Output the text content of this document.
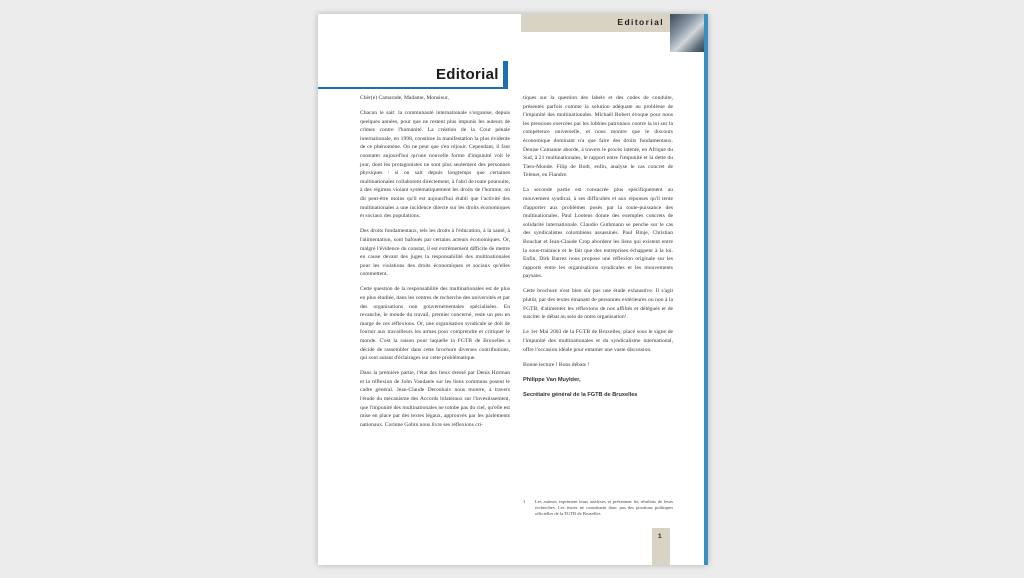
Editorial
Editorial

Chèr(e) Camarade, Madame, Monsieur,

Chacun le sait: la communauté internationale s'organise, depuis quelques années, pour que ne restent plus impunis les auteurs de crimes contre l'humanité. La création de la Cour pénale internationale, en 1998, constitue la manifestation la plus évidente de ce phénomène. On ne peut que s'en réjouir. Cependant, il faut constater aujourd'hui qu'une nouvelle forme d'impunité voit le jour, dont les protagonistes ne sont plus seulement des personnes physiques : si on sait depuis longtemps que certaines multinationales collaborent directement, à l'abri de toute poursuite, à des régimes violant systématiquement les droits de l'homme, on dit peut-être moins qu'il est aujourd'hui établi que l'activité des multinationales a une incidence directe sur les droits économiques et sociaux des populations.

Des droits fondamentaux, tels les droits à l'éducation, à la santé, à l'alimentation, sont bafoués par certains acteurs économiques. Or, malgré l'évidence du constat, il est extrêmement difficile de mettre en cause devant des juges la responsabilité des multinationales pour les violations des droits économiques et sociaux qu'elles commettent.

Cette question de la responsabilité des multinationales est de plus en plus étudiée, dans les centres de recherche des universités et par des organisations non gouvernementales spécialisées. En revanche, le monde du travail, premier concerné, reste un peu en marge de ces réflexions. Or, une organisation syndicale se doit de fournir aux travailleurs les armes pour comprendre et critiquer le monde. C'est la raison pour laquelle la FGTB de Bruxelles a décidé de rassembler dans cette brochure diverses contributions, qui sont autant d'éclairages sur cette problématique.

Dans la première partie, l'état des lieux dressé par Denis Horman et la réflexion de John Vandaele sur les liens communs posent le cadre général. Jean-Claude Deroubaix nous montre, à travers l'étude du mécanisme des Accords bilatéraux sur l'investissement, que l'impunité des multinationales ne tombe pas du ciel, qu'elle est mise en place par des textes légaux, approuvés par les parlements nationaux. Corinne Gobin nous livre ses réflexions cri-

tiques sur la question des labels et des codes de conduite, présentés parfois comme la solution adéquate au problème de l'impunité des multinationales. Michaël Robert évoque pour nous les pressions exercées par les lobbies patronaux contre la loi sur la compétence universelle, et nous montre que le discours économique dominant n'a que faire des droits fondamentaux. Denise Comanne aborde, à travers le procès intenté, en Afrique du Sud, à 21 multinationales, le rapport entre l'impunité et la dette du Tiers-Monde. Filip de Bodt, enfin, analyse le cas concret de Telenet, en Flandre.

La seconde partie est consacrée plus spécifiquement au mouvement syndical, à ses difficultés et aux réponses qu'il tente d'apporter aux problèmes posés par la toute-puissance des multinationales. Paul Lootens donne des exemples concrets de solidarité internationale. Claudio Guthmann se penche sur le cas des syndicalistes colombiens assassinés. Paul Binje, Christian Bouchat et Jean-Claude Crop abordent les liens qui existent entre la sous-traitance et le fait que des entreprises échappent à la loi. Enfin, Dirk Barrez nous propose une réflexion originale sur les rapports entre les organisations syndicales et les mouvements paysans.

Cette brochure n'est bien sûr pas une étude exhaustive. Il s'agit plutôt, par des textes émanant de personnes extérieures ou non à la FGTB, d'alimenter les réflexions de nos affiliés et délégués et de susciter le débat au sein de notre organisation¹.

Le 1er Mai 2003 de la FGTB de Bruxelles, placé sous le signe de l'impunité des multinationales et du syndicalisme international, offre l'occasion idéale pour entamer une vaste discussion.

Bonne lecture ! Bons débats !

Philippe Van Muylder,

Secrétaire général de la FGTB de Bruxelles

1	Les auteurs expriment leurs analyses et présentent les résultats de leurs recherches. Les textes ne constituent donc pas des positions politiques officielles de la FGTB de Bruxelles.
1
